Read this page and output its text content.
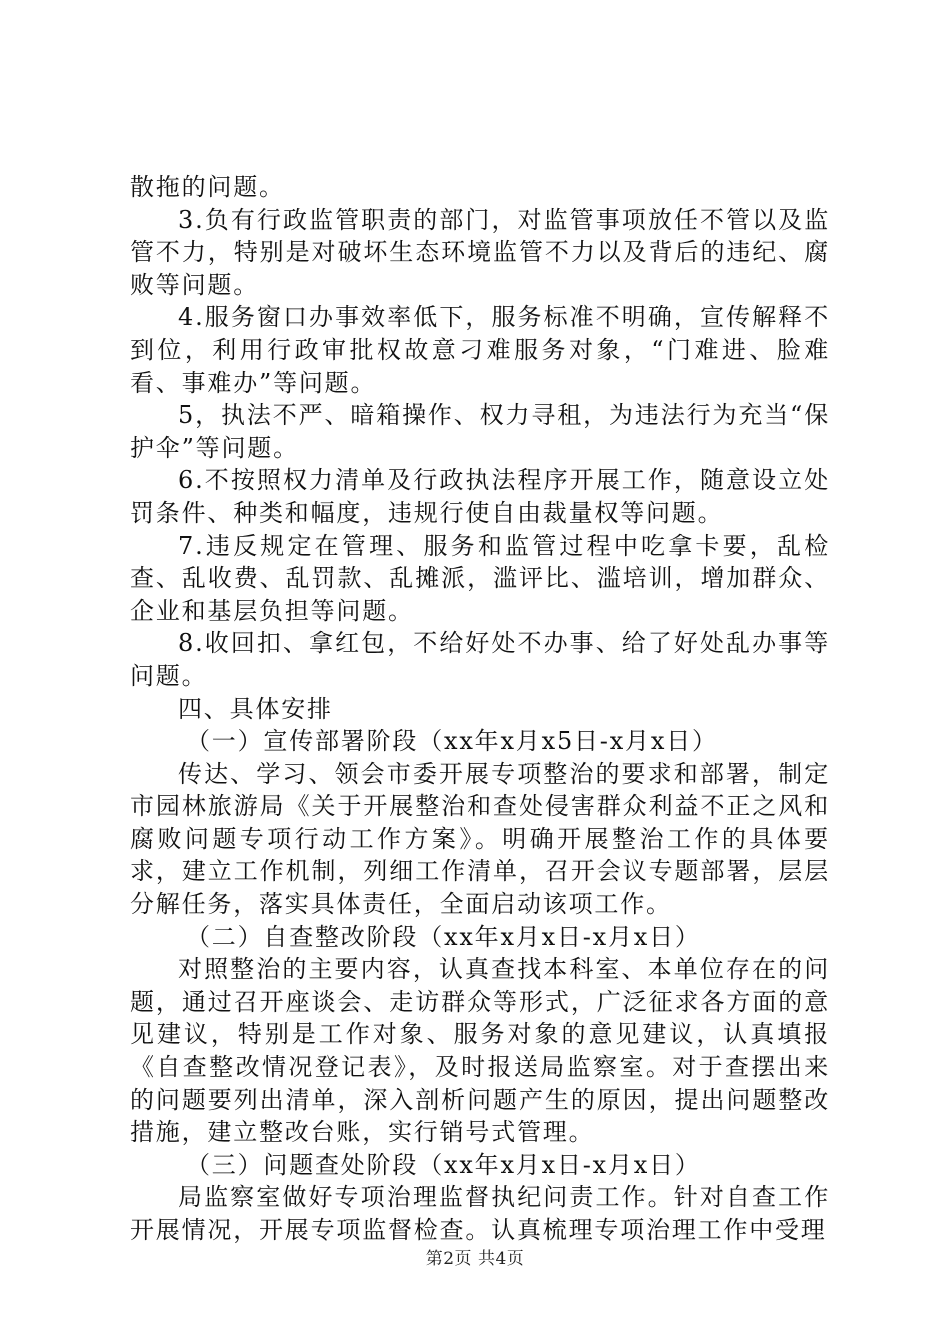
散拖的问题。

3.负有行政监管职责的部门，对监管事项放任不管以及监管不力，特别是对破坏生态环境监管不力以及背后的违纪、腐败等问题。

4.服务窗口办事效率低下，服务标准不明确，宣传解释不到位，利用行政审批权故意刁难服务对象，“门难进、脸难看、事难办”等问题。

5，执法不严、暗箱操作、权力寻租，为违法行为充当“保护伞”等问题。

6.不按照权力清单及行政执法程序开展工作，随意设立处罚条件、种类和幅度，违规行使自由裁量权等问题。

7.违反规定在管理、服务和监管过程中吃拿卡要，乱检查、乱收费、乱罚款、乱摊派，滥评比、滥培训，增加群众、企业和基层负担等问题。

8.收回扣、拿红包，不给好处不办事、给了好处乱办事等问题。

四、具体安排

（一）宣传部署阶段（xx年x月x5日-x月x日）

传达、学习、领会市委开展专项整治的要求和部署，制定市园林旅游局《关于开展整治和查处侵害群众利益不正之风和腐败问题专项行动工作方案》。明确开展整治工作的具体要求，建立工作机制，列细工作清单，召开会议专题部署，层层分解任务，落实具体责任，全面启动该项工作。

（二）自查整改阶段（xx年x月x日-x月x日）

对照整治的主要内容，认真查找本科室、本单位存在的问题，通过召开座谈会、走访群众等形式，广泛征求各方面的意见建议，特别是工作对象、服务对象的意见建议，认真填报《自查整改情况登记表》，及时报送局监察室。对于查摆出来的问题要列出清单，深入剖析问题产生的原因，提出问题整改措施，建立整改台账，实行销号式管理。

（三）问题查处阶段（xx年x月x日-x月x日）

局监察室做好专项治理监督执纪问责工作。针对自查工作开展情况，开展专项监督检查。认真梳理专项治理工作中受理

第2页 共4页
